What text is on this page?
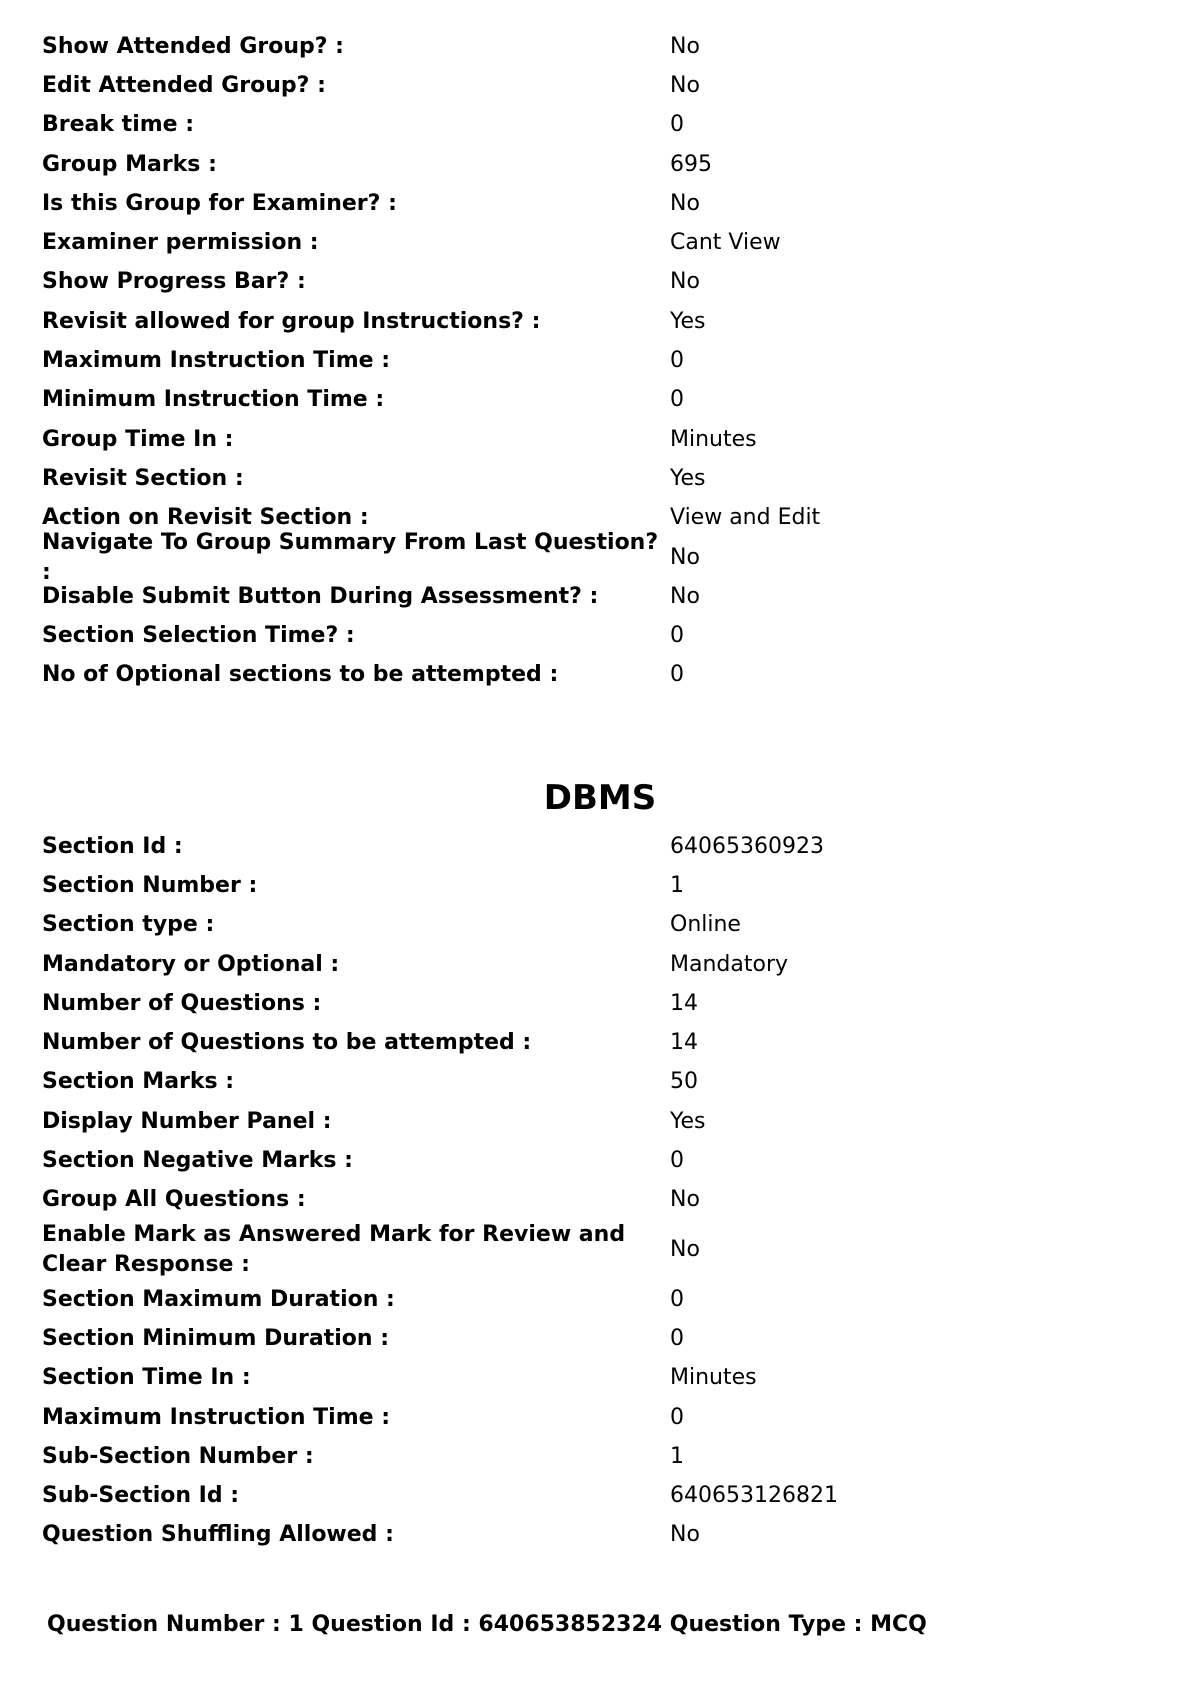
Show Attended Group? :	No
Edit Attended Group? :	No
Break time :	0
Group Marks :	695
Is this Group for Examiner? :	No
Examiner permission :	Cant View
Show Progress Bar? :	No
Revisit allowed for group Instructions? :	Yes
Maximum Instruction Time :	0
Minimum Instruction Time :	0
Group Time In :	Minutes
Revisit Section :	Yes
Action on Revisit Section :	View and Edit
Navigate To Group Summary From Last Question? :
No
Disable Submit Button During Assessment? :	No
Section Selection Time? :	0
No of Optional sections to be attempted :	0
DBMS
Section Id :	64065360923
Section Number :	1
Section type :	Online
Mandatory or Optional :	Mandatory
Number of Questions :	14
Number of Questions to be attempted :	14
Section Marks :	50
Display Number Panel :	Yes
Section Negative Marks :	0
Group All Questions :	No
Enable Mark as Answered Mark for Review and Clear Response :
No
Section Maximum Duration :	0
Section Minimum Duration :	0
Section Time In :	Minutes
Maximum Instruction Time :	0
Sub-Section Number :	1
Sub-Section Id :	640653126821
Question Shuffling Allowed :	No
Question Number : 1 Question Id : 640653852324 Question Type : MCQ
